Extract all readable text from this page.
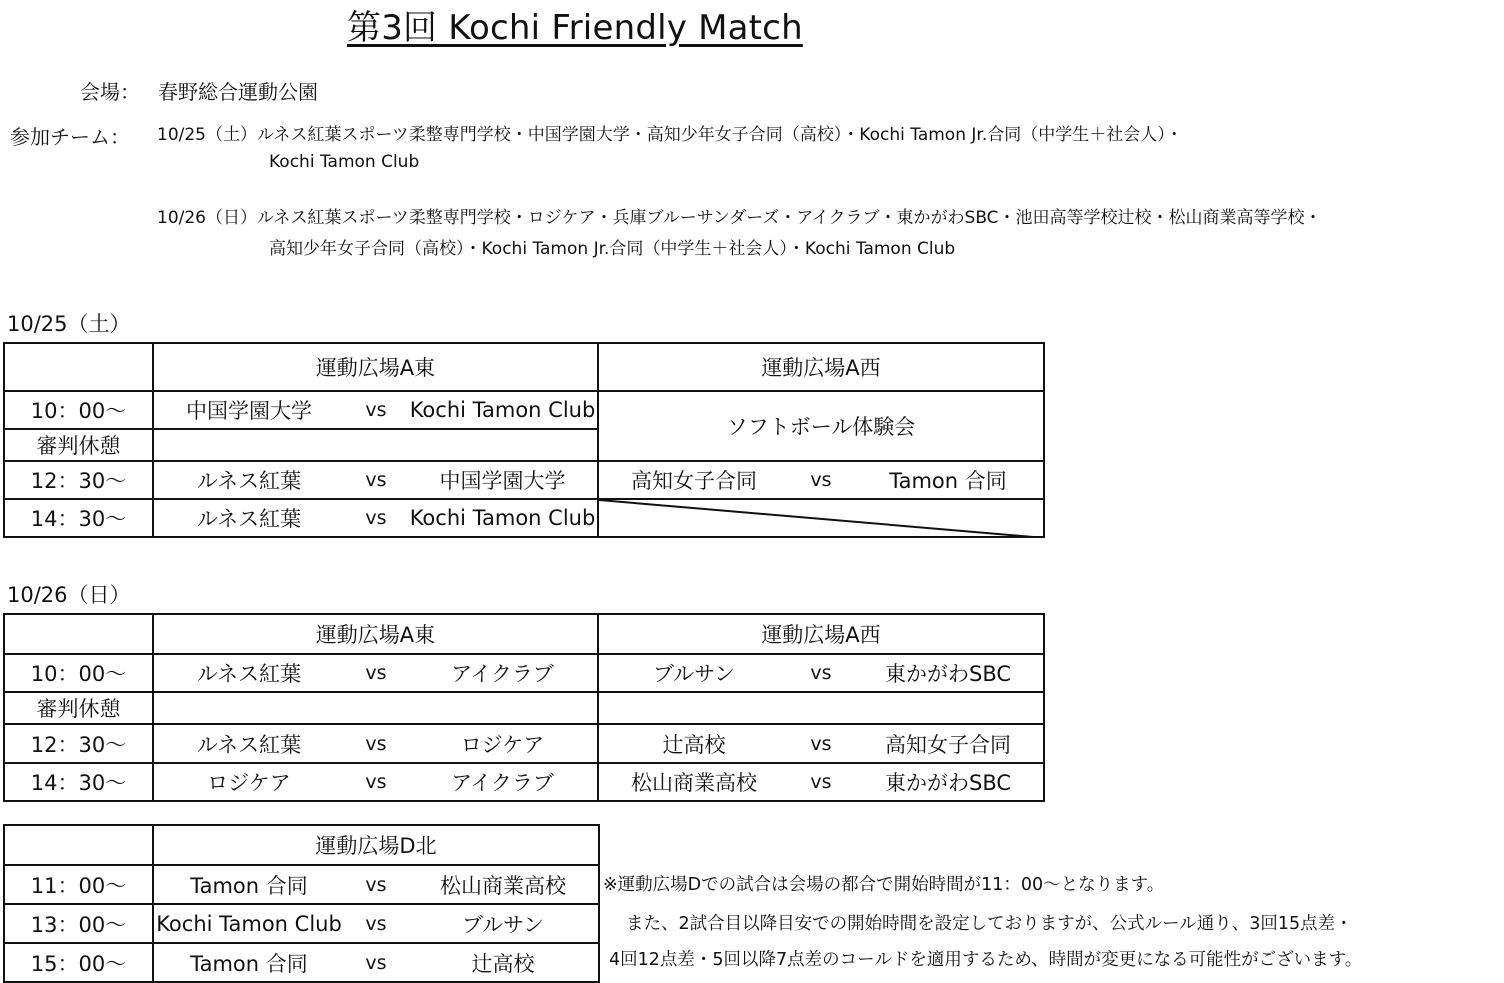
第3回 Kochi Friendly Match
会場： 春野総合運動公園
参加チーム： 10/25（土）ルネス紅葉スポーツ柔整専門学校・中国学園大学・高知少年女子合同（高校）・Kochi Tamon Jr.合同（中学生＋社会人）・
Kochi Tamon Club
10/26（日）ルネス紅葉スポーツ柔整専門学校・ロジケア・兵庫ブルーサンダーズ・アイクラブ・東かがわSBC・池田高等学校辻校・松山商業高等学校・
高知少年女子合同（高校）・Kochi Tamon Jr.合同（中学生＋社会人）・Kochi Tamon Club
10/25（土）
	運動広場A東	運動広場A西
10：00～	中国学園大学 vs Kochi Tamon Club	ソフトボール体験会
審判休憩		
12：30～	ルネス紅葉 vs 中国学園大学	高知女子合同 vs Tamon 合同

14：30～	ルネス紅葉 vs Kochi Tamon Club

10/26（日）
	運動広場A東	運動広場A西
10：00～	ルネス紅葉 vs アイクラブ	ブルサン vs 東かがわSBC

審判休憩		
12：30～	ルネス紅葉 vs ロジケア	辻高校 vs 高知女子合同

14：30～	ロジケア vs アイクラブ	松山商業高校 vs 東かがわSBC
	運動広場D北
11：00～	Tamon 合同 vs 松山商業高校

13：00～	Kochi Tamon Club vs ブルサン

15：00～	Tamon 合同 vs 辻高校
※運動広場Dでの試合は会場の都合で開始時間が11：00～となります。
また、2試合目以降目安での開始時間を設定しておりますが、公式ルール通り、3回15点差・
4回12点差・5回以降7点差のコールドを適用するため、時間が変更になる可能性がございます。
